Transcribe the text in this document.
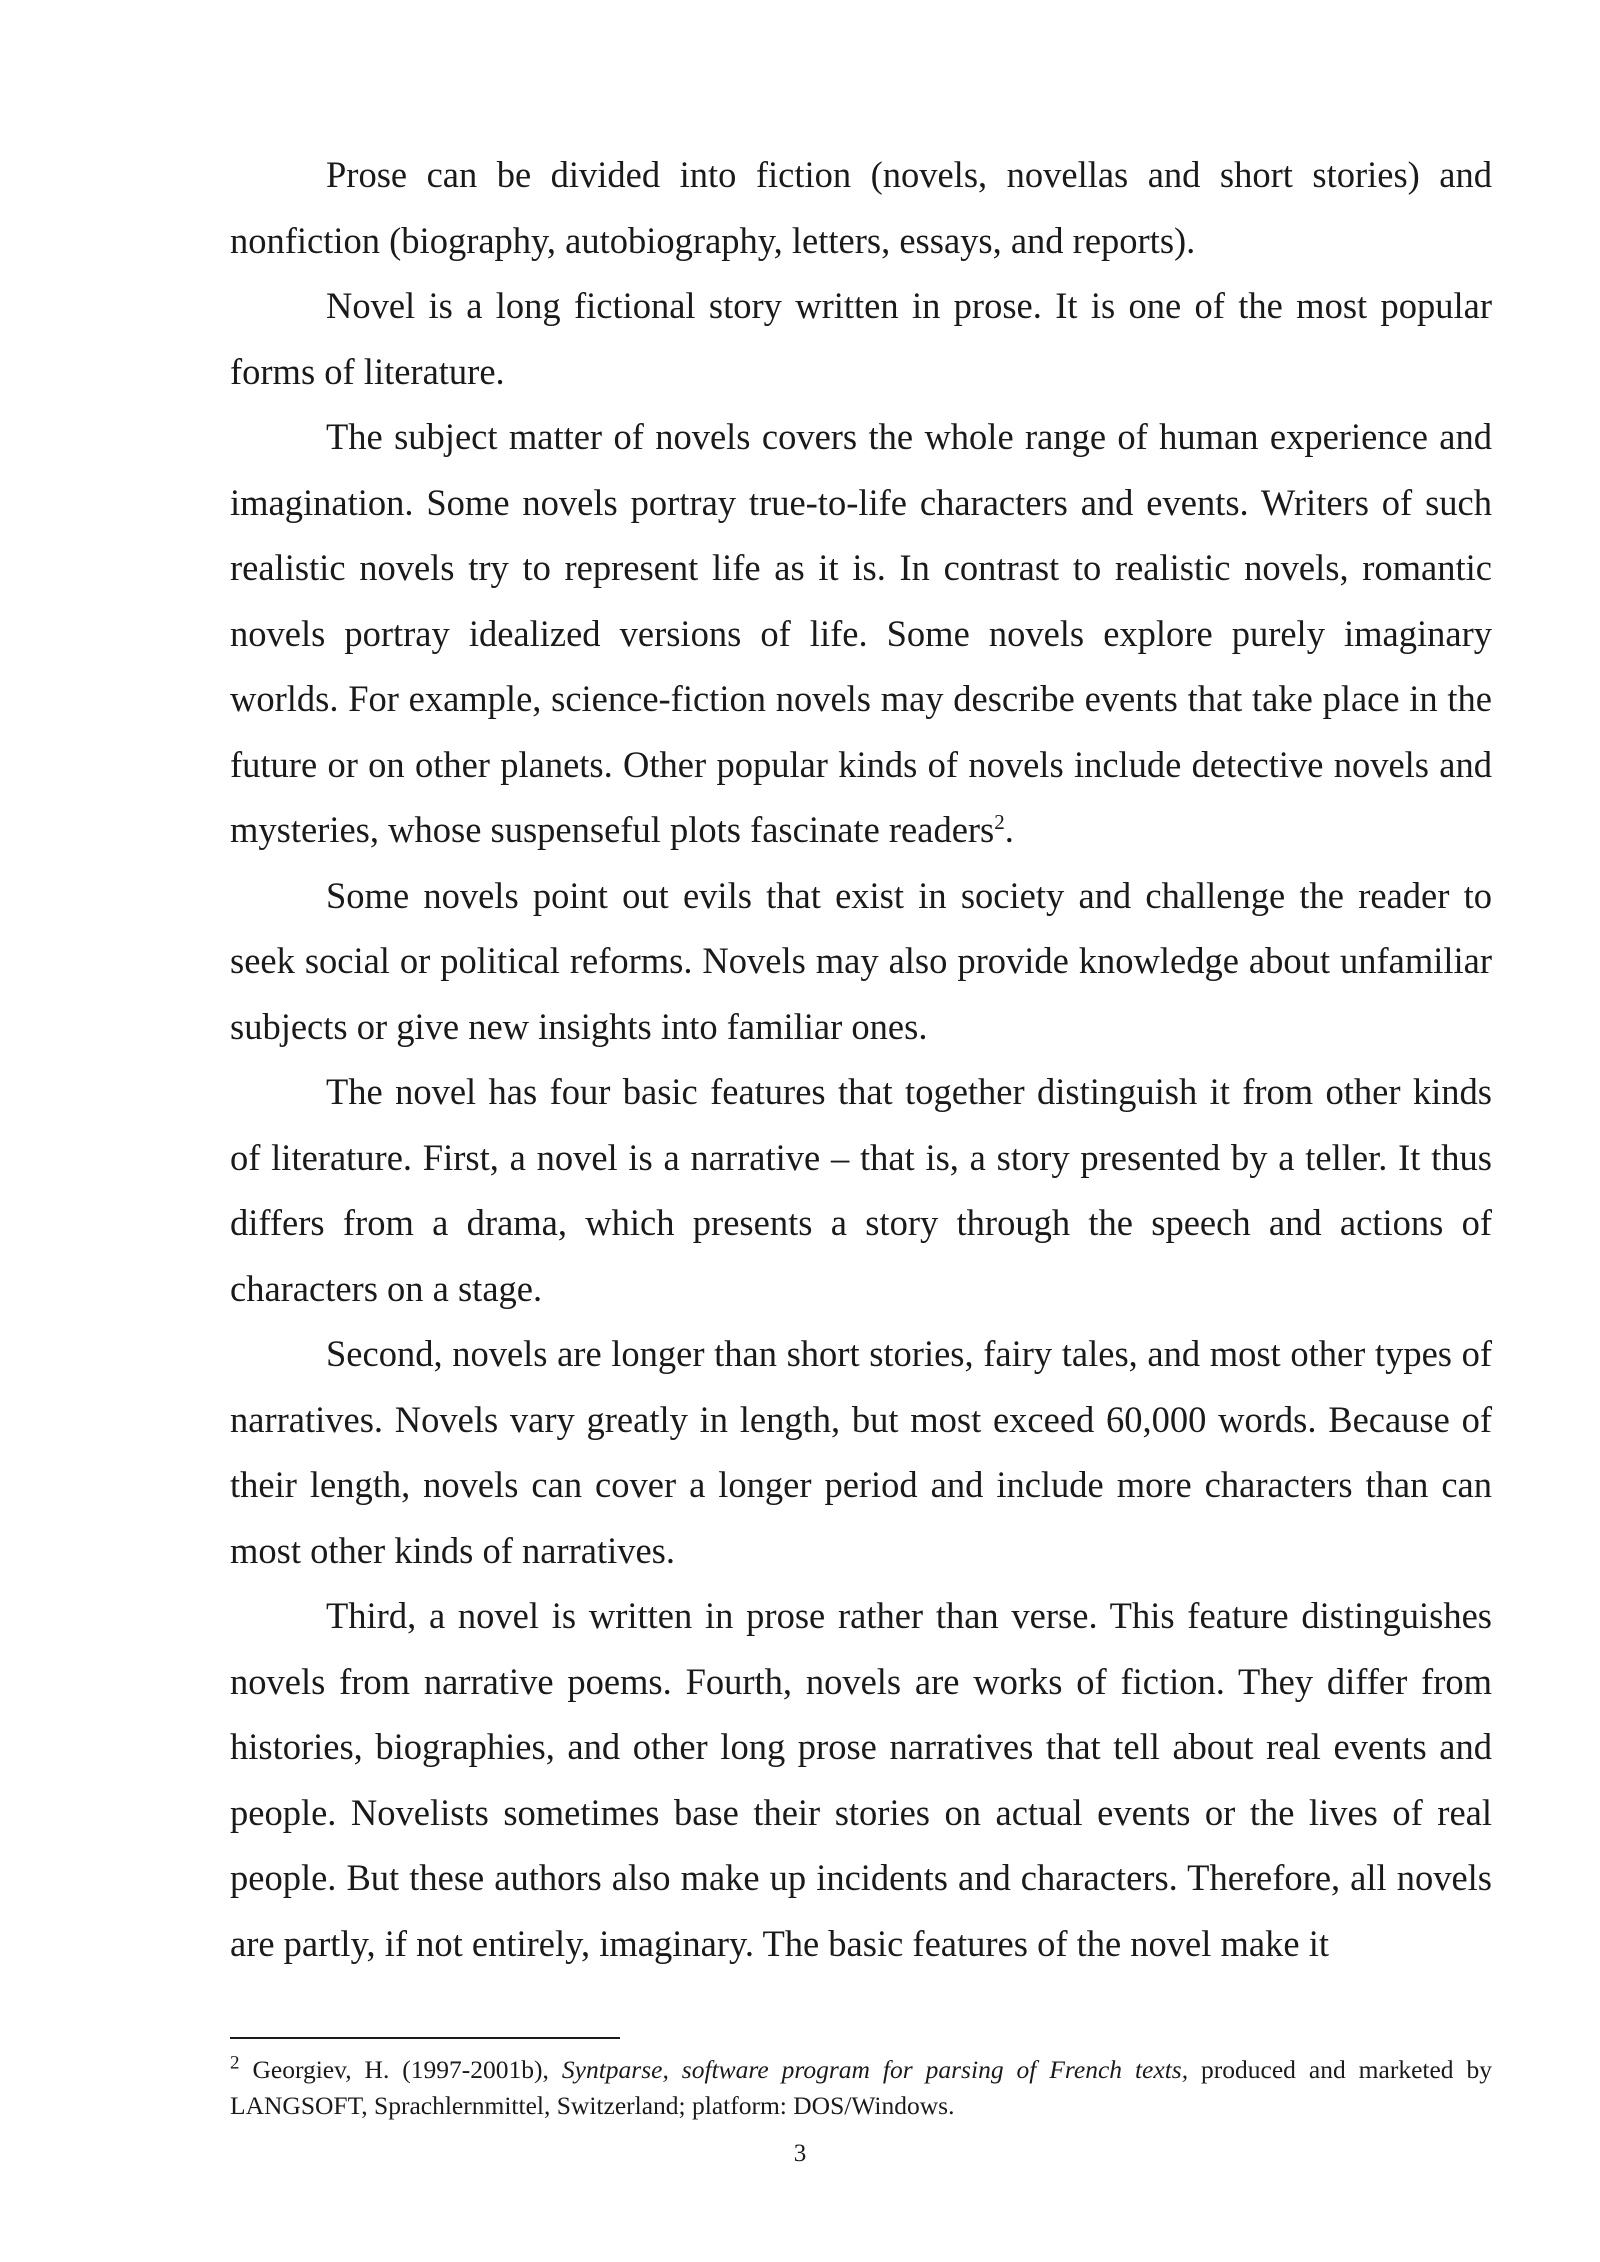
Prose can be divided into fiction (novels, novellas and short stories) and nonfiction (biography, autobiography, letters, essays, and reports).

Novel is a long fictional story written in prose. It is one of the most popular forms of literature.

The subject matter of novels covers the whole range of human experience and imagination. Some novels portray true-to-life characters and events. Writers of such realistic novels try to represent life as it is. In contrast to realistic novels, romantic novels portray idealized versions of life. Some novels explore purely imaginary worlds. For example, science-fiction novels may describe events that take place in the future or on other planets. Other popular kinds of novels include detective novels and mysteries, whose suspenseful plots fascinate readers$^2$.

Some novels point out evils that exist in society and challenge the reader to seek social or political reforms. Novels may also provide knowledge about unfamiliar subjects or give new insights into familiar ones.

The novel has four basic features that together distinguish it from other kinds of literature. First, a novel is a narrative – that is, a story presented by a teller. It thus differs from a drama, which presents a story through the speech and actions of characters on a stage.

Second, novels are longer than short stories, fairy tales, and most other types of narratives. Novels vary greatly in length, but most exceed 60,000 words. Because of their length, novels can cover a longer period and include more characters than can most other kinds of narratives.

Third, a novel is written in prose rather than verse. This feature distinguishes novels from narrative poems. Fourth, novels are works of fiction. They differ from histories, biographies, and other long prose narratives that tell about real events and people. Novelists sometimes base their stories on actual events or the lives of real people. But these authors also make up incidents and characters. Therefore, all novels are partly, if not entirely, imaginary. The basic features of the novel make it

$^2$ Georgiev, H. (1997-2001b), Syntparse, software program for parsing of French texts, produced and marketed by LANGSOFT, Sprachlernmittel, Switzerland; platform: DOS/Windows.

3
